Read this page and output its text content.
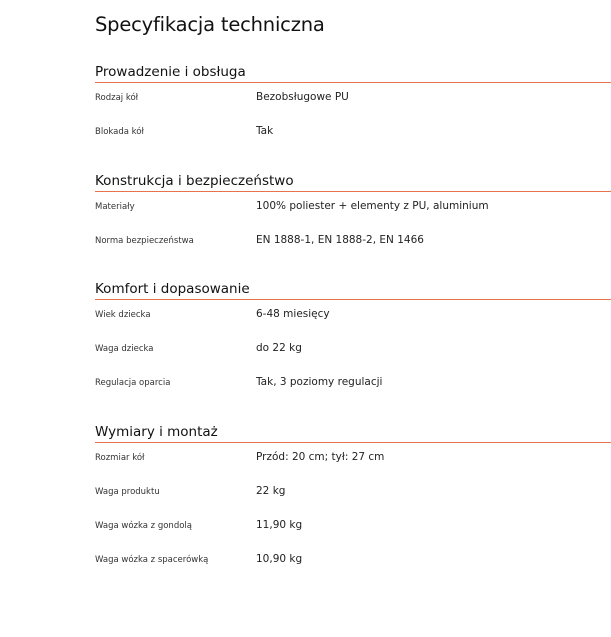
Specyfikacja techniczna
Prowadzenie i obsługa
Rodzaj kół	Bezobsługowe PU
Blokada kół	Tak
Konstrukcja i bezpieczeństwo
Materiały	100% poliester + elementy z PU, aluminium
Norma bezpieczeństwa	EN 1888-1, EN 1888-2, EN 1466
Komfort i dopasowanie
Wiek dziecka	6-48 miesięcy
Waga dziecka	do 22 kg
Regulacja oparcia	Tak, 3 poziomy regulacji
Wymiary i montaż
Rozmiar kół	Przód: 20 cm; tył: 27 cm
Waga produktu	22 kg
Waga wózka z gondolą	11,90 kg
Waga wózka z spacerówką	10,90 kg
